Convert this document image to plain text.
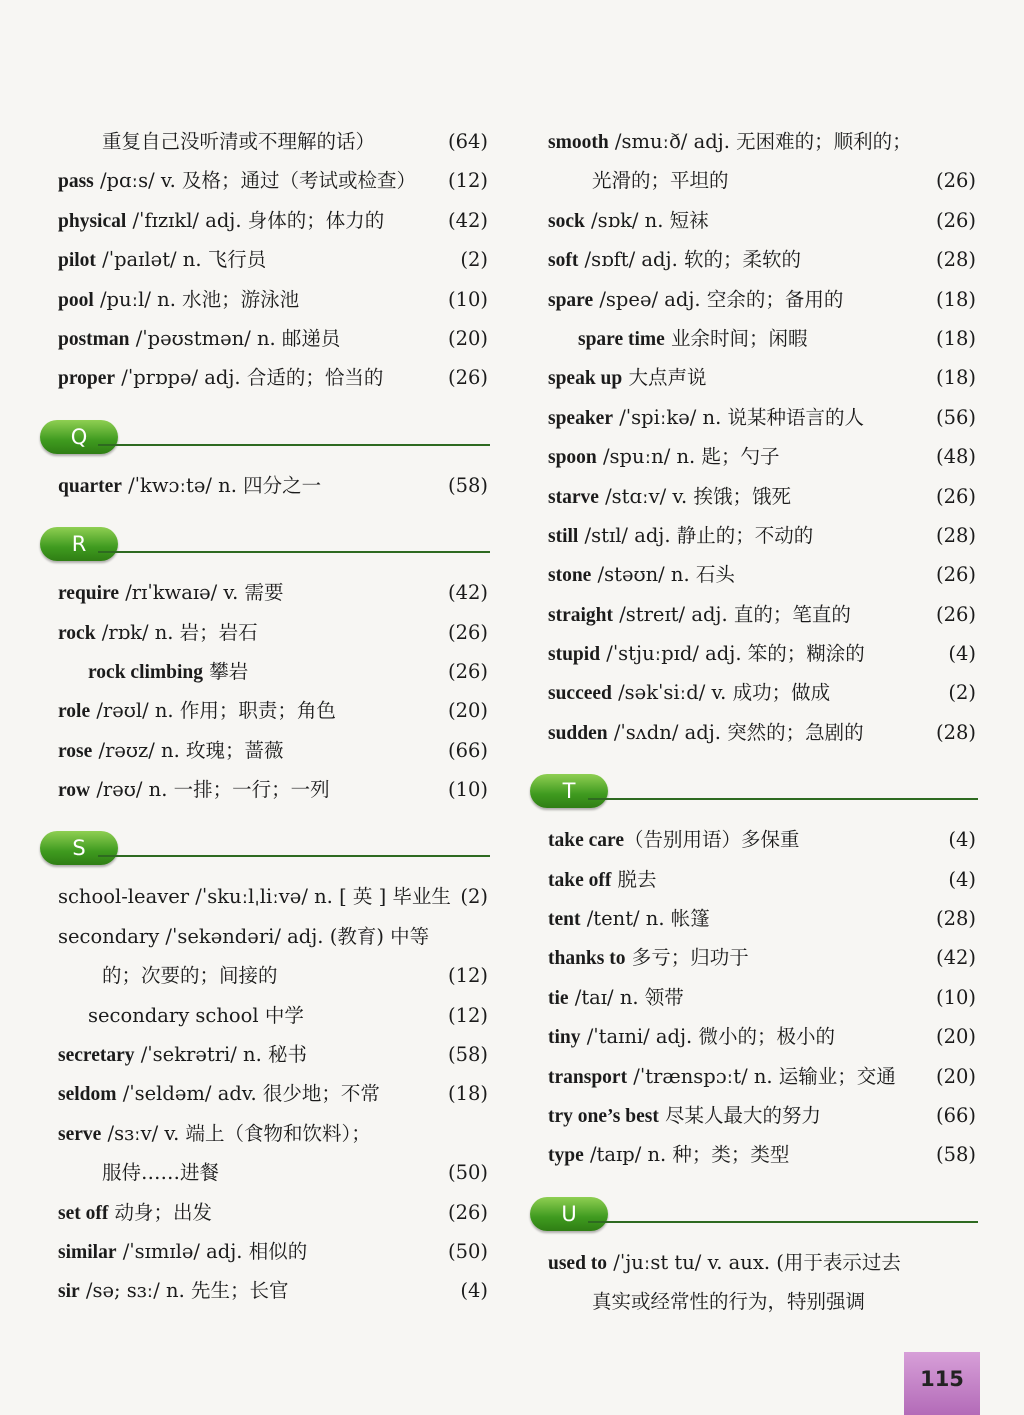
重复自己没听清或不理解的话）	(64)
pass /pɑːs/ v. 及格；通过（考试或检查） (12)
physical /ˈfɪzɪkl/ adj. 身体的；体力的	(42)
pilot /ˈpaɪlət/ n. 飞行员	(2)
pool /puːl/ n. 水池；游泳池	(10)
postman /ˈpəʊstmən/ n. 邮递员	(20)
proper /ˈprɒpə/ adj. 合适的；恰当的	(26)
Q
quarter /ˈkwɔːtə/ n. 四分之一	(58)
R
require /rɪˈkwaɪə/ v. 需要	(42)
rock /rɒk/ n. 岩；岩石	(26)
rock climbing 攀岩	(26)
role /rəʊl/ n. 作用；职责；角色	(20)
rose /rəʊz/ n. 玫瑰；蔷薇	(66)
row /rəʊ/ n. 一排；一行；一列	(10)
S
school-leaver /ˈskuːlˌliːvə/ n. [ 英 ] 毕业生 (2)
secondary /ˈsekəndəri/ adj. (教育) 中等
的；次要的；间接的	(12)
secondary school 中学	(12)
secretary /ˈsekrətri/ n. 秘书	(58)
seldom /ˈseldəm/ adv. 很少地；不常	(18)
serve /sɜːv/ v. 端上（食物和饮料）；
服侍……进餐	(50)
set off 动身；出发	(26)
similar /ˈsɪmɪlə/ adj. 相似的	(50)
sir /sə; sɜː/ n. 先生；长官	(4)
smooth /smuːð/ adj. 无困难的；顺利的；
光滑的；平坦的	(26)
sock /sɒk/ n. 短袜	(26)
soft /sɒft/ adj. 软的；柔软的	(28)
spare /speə/ adj. 空余的；备用的	(18)
spare time 业余时间；闲暇	(18)
speak up 大点声说	(18)
speaker /ˈspiːkə/ n. 说某种语言的人	(56)
spoon /spuːn/ n. 匙；勺子	(48)
starve /stɑːv/ v. 挨饿；饿死	(26)
still /stɪl/ adj. 静止的；不动的	(28)
stone /stəʊn/ n. 石头	(26)
straight /streɪt/ adj. 直的；笔直的	(26)
stupid /ˈstjuːpɪd/ adj. 笨的；糊涂的	(4)
succeed /səkˈsiːd/ v. 成功；做成	(2)
sudden /ˈsʌdn/ adj. 突然的；急剧的	(28)
T
take care（告别用语）多保重	(4)
take off 脱去	(4)
tent /tent/ n. 帐篷	(28)
thanks to 多亏；归功于	(42)
tie /taɪ/ n. 领带	(10)
tiny /ˈtaɪni/ adj. 微小的；极小的	(20)
transport /ˈtrænspɔːt/ n. 运输业；交通 (20)
try one’s best 尽某人最大的努力	(66)
type /taɪp/ n. 种；类；类型	(58)
U
used to /ˈjuːst tu/ v. aux. (用于表示过去
真实或经常性的行为，特别强调
115
